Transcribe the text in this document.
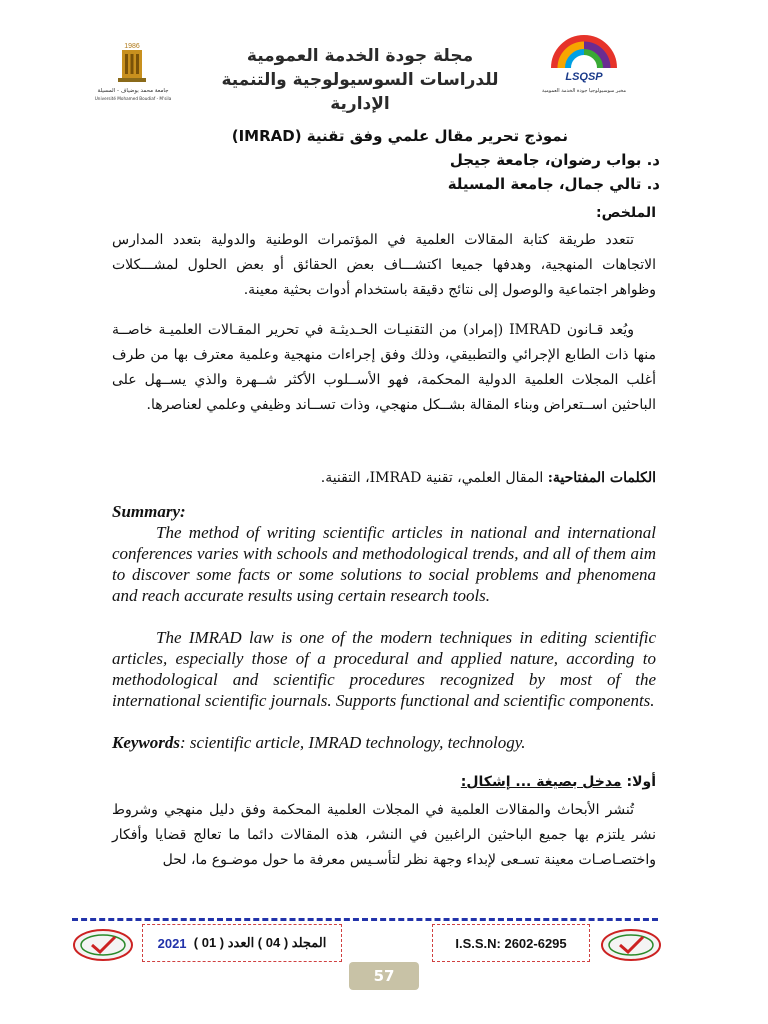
LSQSP
مخبر سوسيولوجيا جودة الخدمة العمومية
مجلة جودة الخدمة العمومية
للدراسات السوسيولوجية والتنمية الإدارية
1986
جامعة محمد بوضياف - المسيلة
Université Mohamed Boudiaf - M'sila
نموذج تحرير مقال علمي وفق تقنية (IMRAD)
د. بواب رضوان، جامعة جيجل
د. تالي جمال، جامعة المسيلة
الملخص:
تتعدد طريقة كتابة المقالات العلمية في المؤتمرات الوطنية والدولية بتعدد المدارس الاتجاهات المنهجية، وهدفها جميعا اكتشـــاف بعض الحقائق أو بعض الحلول لمشـــكلات وظواهر اجتماعية والوصول إلى نتائج دقيقة باستخدام أدوات بحثية معينة.
ويُعد قـانون IMRAD (إمراد) من التقنيـات الحـديثـة في تحرير المقـالات العلميـة خاصــة منها ذات الطابع الإجرائي والتطبيقي، وذلك وفق إجراءات منهجية وعلمية معترف بها من طرف أغلب المجلات العلمية الدولية المحكمة، فهو الأســلوب الأكثر شــهرة والذي يســهل على الباحثين اســتعراض وبناء المقالة بشــكل منهجي، وذات تســاند وظيفي وعلمي لعناصرها.
الكلمات المفتاحية: المقال العلمي، تقنية IMRAD، التقنية.
Summary:
The method of writing scientific articles in national and international conferences varies with schools and methodological trends, and all of them aim to discover some facts or some solutions to social problems and phenomena and reach accurate results using certain research tools.
The IMRAD law is one of the modern techniques in editing scientific articles, especially those of a procedural and applied nature, according to methodological and scientific procedures recognized by most of the international scientific journals. Supports functional and scientific components.
Keywords: scientific article, IMRAD technology, technology.
أولا: مدخل بصيغة ... إشكال:
تُنشر الأبحاث والمقالات العلمية في المجلات العلمية المحكمة وفق دليل منهجي وشروط نشر يلتزم بها جميع الباحثين الراغبين في النشر، هذه المقالات دائما ما تعالج قضايا وأفكار واختصـاصـات معينة تسـعى لإبداء وجهة نظر لتأسـيس معرفة ما حول موضـوع ما، لحل
المجلد ( 04 ) العدد ( 01 )

2021	I.S.S.N: 2602-6295
57
